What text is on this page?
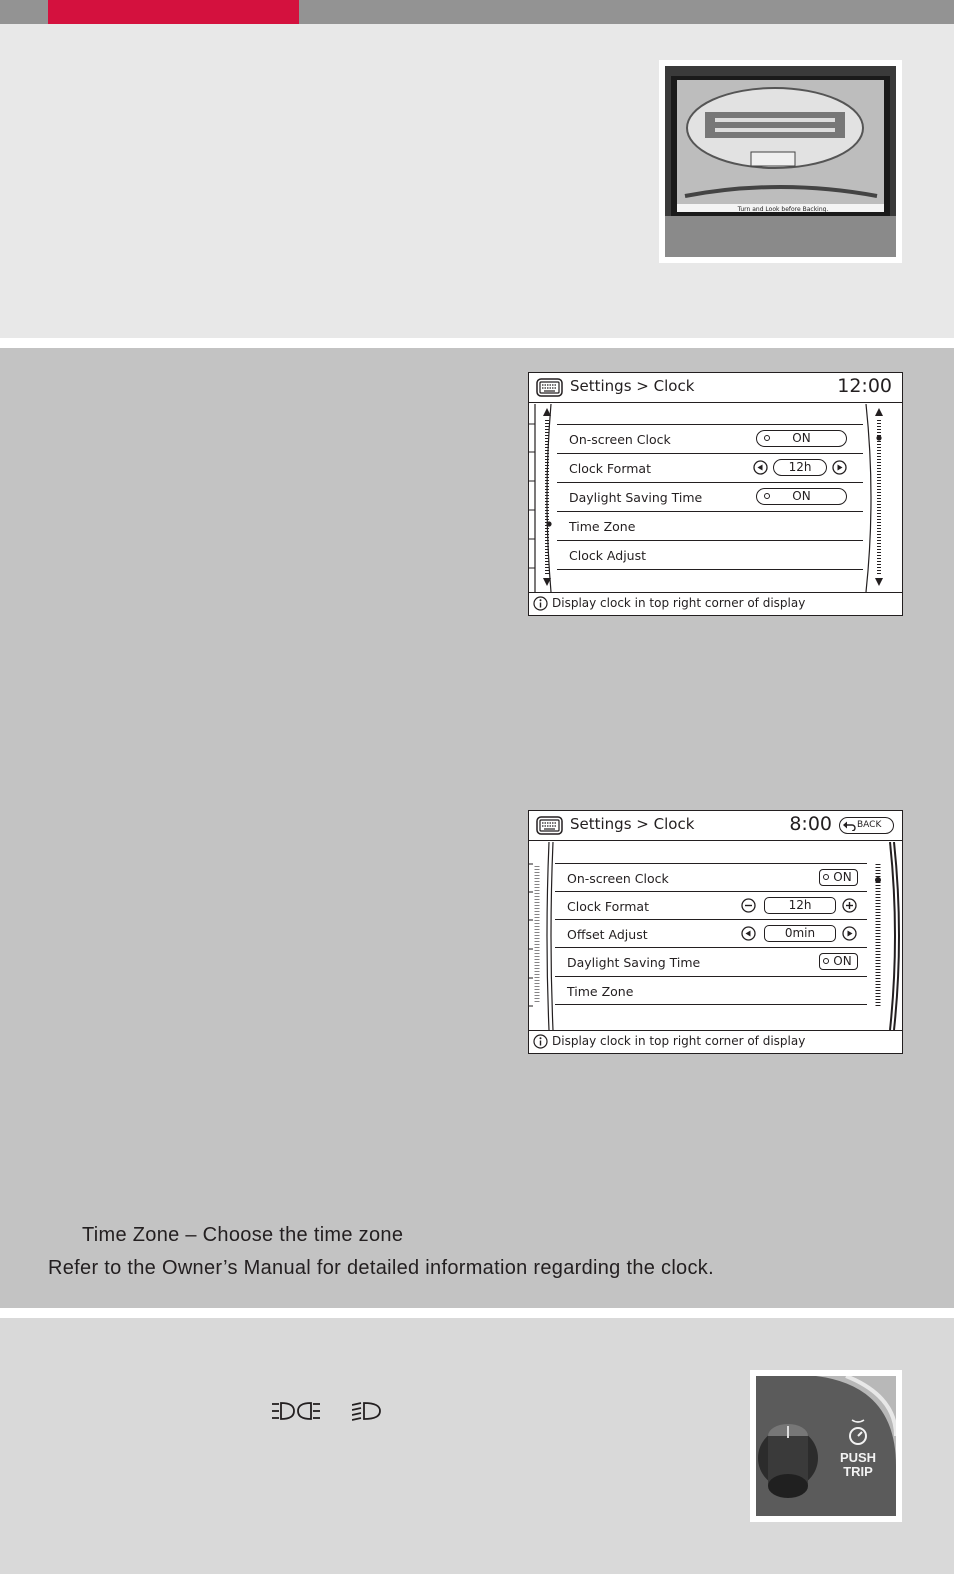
Turn and Look before Backing.
Settings > Clock	12:00
On-screen Clock	ON
Clock Format	12h
Daylight Saving Time	ON
Time Zone
Clock Adjust
Display clock in top right corner of display
Settings > Clock	8:00	BACK
On-screen Clock	ON
Clock Format	12h
Offset Adjust	0min
Daylight Saving Time	ON
Time Zone
Display clock in top right corner of display
Time Zone – Choose the time zone
Refer to the Owner’s Manual for detailed information regarding the clock.
PUSH
TRIP
